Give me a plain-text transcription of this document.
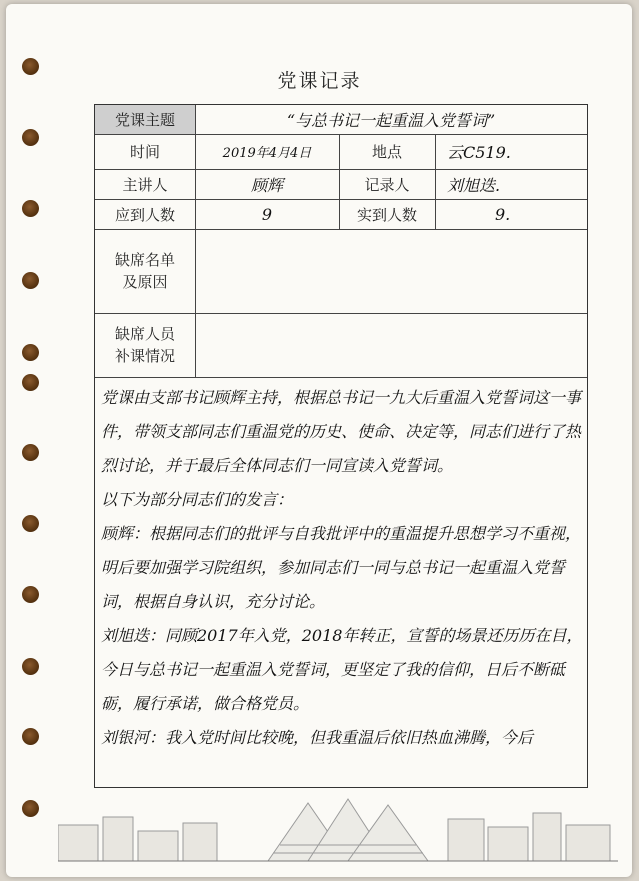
党课记录
党课主题	“与总书记一起重温入党誓词”
时间	2019年4月4日	地点	云C519.
主讲人	顾辉	记录人	刘旭迭.
应到人数	9	实到人数	9.
缺席名单
及原因
缺席人员
补课情况

党课由支部书记顾辉主持，根据总书记一九大后重温入党誓词这一事件，带领支部同志们重温党的历史、使命、决定等，同志们进行了热烈讨论，并于最后全体同志们一同宣读入党誓词。

以下为部分同志们的发言：

顾辉：根据同志们的批评与自我批评中的重温提升思想学习不重视，明后要加强学习院组织，参加同志们一同与总书记一起重温入党誓词，根据自身认识，充分讨论。

刘旭迭：同顾2017年入党，2018年转正，宣誓的场景还历历在目，今日与总书记一起重温入党誓词，更坚定了我的信仰，日后不断砥砺，履行承诺，做合格党员。

刘银河：我入党时间比较晚，但我重温后依旧热血沸腾，今后
